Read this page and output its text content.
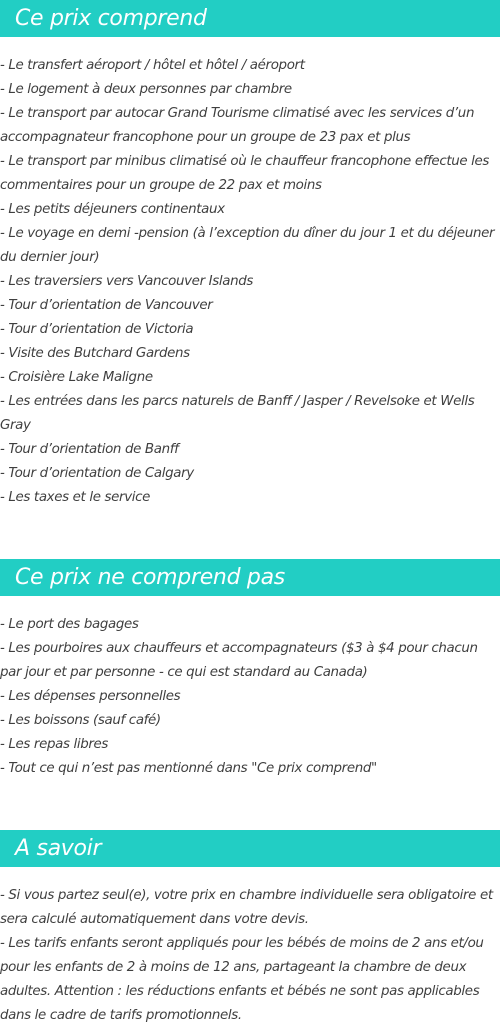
Ce prix comprend
- Le transfert aéroport / hôtel et hôtel / aéroport
- Le logement à deux personnes par chambre
- Le transport par autocar Grand Tourisme climatisé avec les services d’un accompagnateur francophone pour un groupe de 23 pax et plus
- Le transport par minibus climatisé où le chauffeur francophone effectue les commentaires pour un groupe de 22 pax et moins
- Les petits déjeuners continentaux
- Le voyage en demi -pension (à l’exception du dîner du jour 1 et du déjeuner du dernier jour)
- Les traversiers vers Vancouver Islands
- Tour d’orientation de Vancouver
- Tour d’orientation de Victoria
- Visite des Butchard Gardens
- Croisière Lake Maligne
- Les entrées dans les parcs naturels de Banff / Jasper / Revelsoke et Wells Gray
- Tour d’orientation de Banff
- Tour d’orientation de Calgary
- Les taxes et le service
Ce prix ne comprend pas
- Le port des bagages
- Les pourboires aux chauffeurs et accompagnateurs ($3 à $4 pour chacun par jour et par personne - ce qui est standard au Canada)
- Les dépenses personnelles
- Les boissons (sauf café)
- Les repas libres
- Tout ce qui n’est pas mentionné dans "Ce prix comprend"
A savoir
- Si vous partez seul(e), votre prix en chambre individuelle sera obligatoire et sera calculé automatiquement dans votre devis.
- Les tarifs enfants seront appliqués pour les bébés de moins de 2 ans et/ou pour les enfants de 2 à moins de 12 ans, partageant la chambre de deux adultes. Attention : les réductions enfants et bébés ne sont pas applicables dans le cadre de tarifs promotionnels.
